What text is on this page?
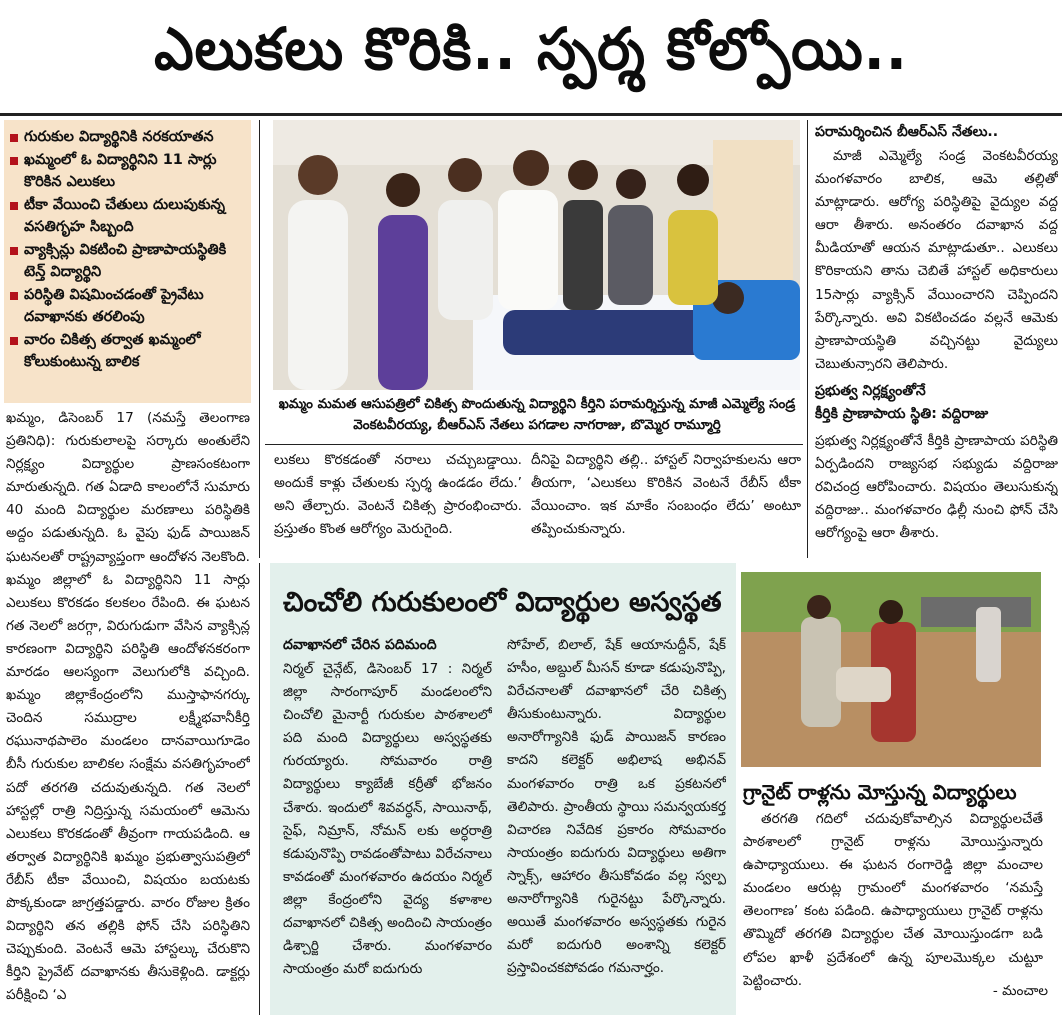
ఎలుకలు కొరికి.. స్పర్శ కోల్పోయి..
గురుకుల విద్యార్థినికి నరకయాతన
ఖమ్మంలో ఓ విద్యార్థినిని 11 సార్లు కొరికిన ఎలుకలు
టీకా వేయించి చేతులు దులుపుకున్న వసతిగృహ సిబ్బంది
వ్యాక్సిన్లు వికటించి ప్రాణాపాయస్థితికి టెన్త్ విద్యార్థిని
పరిస్థితి విషమించడంతో ప్రైవేటు దవాఖానకు తరలింపు
వారం చికిత్స తర్వాత ఖమ్మంలో కోలుకుంటున్న బాలిక
ఖమ్మం, డిసెంబర్ 17 (నమస్తే తెలంగాణ ప్రతినిధి): గురుకులాలపై సర్కారు అంతులేని నిర్లక్ష్యం విద్యార్థుల ప్రాణసంకటంగా మారుతున్నది. గత ఏడాది కాలంలోనే సుమారు 40 మంది విద్యార్థుల మరణాలు పరిస్థితికి అద్దం పడుతున్నది. ఓ వైపు ఫుడ్ పాయిజన్ ఘటనలతో రాష్ట్రవ్యాప్తంగా ఆందోళన నెలకొంది. ఖమ్మం జిల్లాలో ఓ విద్యార్థినిని 11 సార్లు ఎలుకలు కొరకడం కలకలం రేపింది. ఈ ఘటన గత నెలలో జరగ్గా, విరుగుడుగా వేసిన వ్యాక్సిన్ల కారణంగా విద్యార్థిని పరిస్థితి ఆందోళనకరంగా మారడం ఆలస్యంగా వెలుగులోకి వచ్చింది. ఖమ్మం జిల్లాకేంద్రంలోని ముస్తాఫానగర్కు చెందిన సముద్రాల లక్ష్మీభవానీకీర్తి రఘునాథపాలెం మండలం దానవాయిగూడెం బీసీ గురుకుల బాలికల సంక్షేమ వసతిగృహంలో పదో తరగతి చదువుతున్నది. గత నెలలో హాస్టల్లో రాత్రి నిద్రిస్తున్న సమయంలో ఆమెను ఎలుకలు కొరకడంతో తీవ్రంగా గాయపడింది. ఆ తర్వాత విద్యార్థినికి ఖమ్మం ప్రభుత్వాసుపత్రిలో రేబీస్ టీకా వేయించి, విషయం బయటకు పొక్కకుండా జాగ్రత్తపడ్డారు. వారం రోజుల క్రితం విద్యార్థిని తన తల్లికి ఫోన్ చేసి పరిస్థితిని చెప్పుకుంది. వెంటనే ఆమె హాస్టల్కు చేరుకొని కీర్తిని ప్రైవేట్ దవాఖానకు తీసుకెళ్లింది. డాక్టర్లు పరీక్షించి ‘ఎ
ఖమ్మం మమత ఆసుపత్రిలో చికిత్స పొందుతున్న విద్యార్థిని కీర్తిని పరామర్శిస్తున్న మాజీ ఎమ్మెల్యే సండ్ర వెంకటవీరయ్య, బీఆర్ఎస్ నేతలు పగడాల నాగరాజు, బొమ్మెర రామ్మూర్తి
లుకలు కొరకడంతో నరాలు చచ్చుబడ్డాయి. అందుకే కాళ్లు చేతులకు స్పర్శ ఉండడం లేదు.’ అని తేల్చారు. వెంటనే చికిత్స ప్రారంభించారు. ప్రస్తుతం కొంత ఆరోగ్యం మెరుగైంది.
దీనిపై విద్యార్థిని తల్లి.. హాస్టల్ నిర్వాహకులను ఆరా తీయగా, ‘ఎలుకలు కొరికిన వెంటనే రేబీస్ టీకా వేయించాం. ఇక మాకేం సంబంధం లేదు’ అంటూ తప్పించుకున్నారు.
పరామర్శించిన బీఆర్ఎస్ నేతలు..
మాజీ ఎమ్మెల్యే సండ్ర వెంకటవీరయ్య మంగళవారం బాలిక, ఆమె తల్లితో మాట్లాడారు. ఆరోగ్య పరిస్థితిపై వైద్యుల వద్ద ఆరా తీశారు. అనంతరం దవాఖాన వద్ద మీడియాతో ఆయన మాట్లాడుతూ.. ఎలుకలు కొరికాయని తాను చెబితే హాస్టల్ అధికారులు 15సార్లు వ్యాక్సిన్ వేయించారని చెప్పిందని పేర్కొన్నారు. అవి వికటించడం వల్లనే ఆమెకు ప్రాణాపాయస్థితి వచ్చినట్టు వైద్యులు చెబుతున్నారని తెలిపారు.
ప్రభుత్వ నిర్లక్ష్యంతోనే
కీర్తికి ప్రాణాపాయ స్థితి: వద్దిరాజు
ప్రభుత్వ నిర్లక్ష్యంతోనే కీర్తికి ప్రాణాపాయ పరిస్థితి ఏర్పడిందని రాజ్యసభ సభ్యుడు వద్దిరాజు రవిచంద్ర ఆరోపించారు. విషయం తెలుసుకున్న వద్దిరాజు.. మంగళవారం ఢిల్లీ నుంచి ఫోన్ చేసి ఆరోగ్యంపై ఆరా తీశారు.
చించోలి గురుకులంలో విద్యార్థుల అస్వస్థత
దవాఖానలో చేరిన పదిమంది
నిర్మల్ చైన్గేట్, డిసెంబర్ 17 : నిర్మల్ జిల్లా సారంగాపూర్ మండలంలోని చించోలి మైనార్టీ గురుకుల పాఠశాలలో పది మంది విద్యార్థులు అస్వస్థతకు గురయ్యారు. సోమవారం రాత్రి విద్యార్థులు క్యాబేజీ కర్రీతో భోజనం చేశారు. ఇందులో శివవర్ధన్, సాయినాథ్, సైఫ్, నిమ్రాన్, నోమన్ లకు అర్ధరాత్రి కడుపునొప్పి రావడంతోపాటు విరేచనాలు కావడంతో మంగళవారం ఉదయం నిర్మల్ జిల్లా కేంద్రంలోని వైద్య కళాశాల దవాఖానలో చికిత్స అందించి సాయంత్రం డిశ్చార్జి చేశారు. మంగళవారం సాయంత్రం మరో ఐదుగురు
సోహేల్, బిలాల్, షేక్ ఆయానుద్దీన్, షేక్ హసీం, అబ్దుల్ మీసన్ కూడా కడుపునొప్పి, విరేచనాలతో దవాఖానలో చేరి చికిత్స తీసుకుంటున్నారు. విద్యార్థుల అనారోగ్యానికి ఫుడ్ పాయిజన్ కారణం కాదని కలెక్టర్ అభిలాష అభినవ్ మంగళవారం రాత్రి ఒక ప్రకటనలో తెలిపారు. ప్రాంతీయ స్థాయి సమన్వయకర్త విచారణ నివేదిక ప్రకారం సోమవారం సాయంత్రం ఐదుగురు విద్యార్థులు అతిగా స్నాక్స్, ఆహారం తీసుకోవడం వల్ల స్వల్ప అనారోగ్యానికి గురైనట్టు పేర్కొన్నారు. అయితే మంగళవారం అస్వస్థతకు గురైన మరో ఐదుగురి అంశాన్ని కలెక్టర్ ప్రస్తావించకపోవడం గమనార్హం.
గ్రానైట్ రాళ్లను మోస్తున్న విద్యార్థులు
తరగతి గదిలో చదువుకోవాల్సిన విద్యార్థులచేతే పాఠశాలలో గ్రానైట్ రాళ్లను మోయిస్తున్నారు ఉపాధ్యాయులు. ఈ ఘటన రంగారెడ్డి జిల్లా మంచాల మండలం ఆరుట్ల గ్రామంలో మంగళవారం ‘నమస్తే తెలంగాణ’ కంట పడింది. ఉపాధ్యాయులు గ్రానైట్ రాళ్లను తొమ్మిదో తరగతి విద్యార్థుల చేత మోయిస్తుండగా బడి లోపల ఖాళీ ప్రదేశంలో ఉన్న పూలమొక్కల చుట్టూ పెట్టించారు.
- మంచాల
